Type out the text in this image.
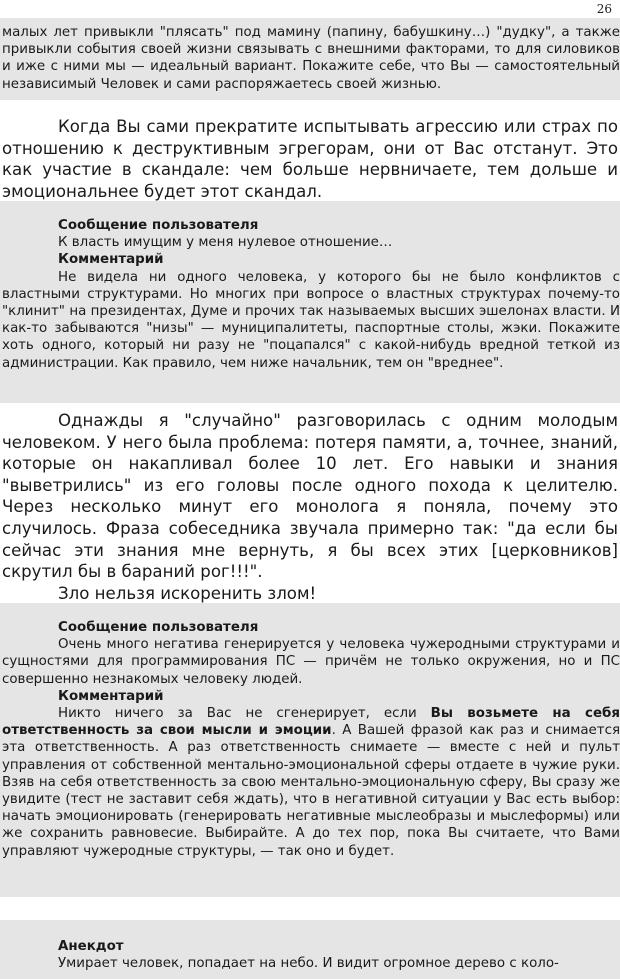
26

малых лет привыкли "плясать" под мамину (папину, бабушкину…) "дудку", а также привыкли события своей жизни связывать с внешними факторами, то для силовиков и иже с ними мы — идеальный вариант. Покажите себе, что Вы — самостоятельный независимый Человек и сами распоряжаетесь своей жизнью.

Когда Вы сами прекратите испытывать агрессию или страх по отношению к деструктивным эгрегорам, они от Вас отстанут. Это как участие в скандале: чем больше нервничаете, тем дольше и эмоциональнее будет этот скандал.

Сообщение пользователя

К власть имущим у меня нулевое отношение…

Комментарий

Не видела ни одного человека, у которого бы не было конфликтов с властными структурами. Но многих при вопросе о властных структурах почему-то "клинит" на президентах, Думе и прочих так называемых высших эшелонах власти. И как-то забываются "низы" — муниципалитеты, паспортные столы, жэки. Покажите хоть одного, который ни разу не "поцапался" с какой-нибудь вредной теткой из администрации. Как правило, чем ниже начальник, тем он "вреднее".

Однажды я "случайно" разговорилась с одним молодым человеком. У него была проблема: потеря памяти, а, точнее, знаний, которые он накапливал более 10 лет. Его навыки и знания "выветрились" из его головы после одного похода к целителю. Через несколько минут его монолога я поняла, почему это случилось. Фраза собеседника звучала примерно так: "да если бы сейчас эти знания мне вернуть, я бы всех этих [церковников] скрутил бы в бараний рог!!!".

Зло нельзя искоренить злом!

Сообщение пользователя

Очень много негатива генерируется у человека чужеродными структурами и сущностями для программирования ПС — причём не только окружения, но и ПС совершенно незнакомых человеку людей.

Комментарий

Никто ничего за Вас не сгенерирует, если Вы возьмете на себя ответственность за свои мысли и эмоции. А Вашей фразой как раз и снимается эта ответственность. А раз ответственность снимаете — вместе с ней и пульт управления от собственной ментально-эмоциональной сферы отдаете в чужие руки. Взяв на себя ответственность за свою ментально-эмоциональную сферу, Вы сразу же увидите (тест не заставит себя ждать), что в негативной ситуации у Вас есть выбор: начать эмоционировать (генерировать негативные мыслеобразы и мыслеформы) или же сохранить равновесие. Выбирайте. А до тех пор, пока Вы считаете, что Вами управляют чужеродные структуры, — так оно и будет.

Анекдот

Умирает человек, попадает на небо. И видит огромное дерево с коло-
